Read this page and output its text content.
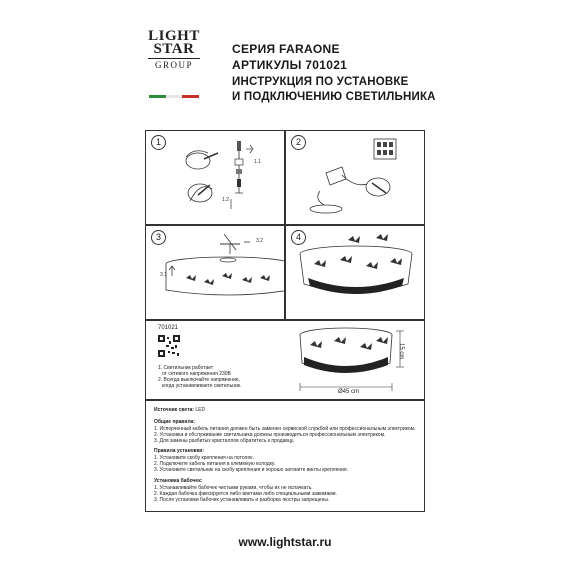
LIGHT
STAR
GROUP
СЕРИЯ FARAONE
АРТИКУЛЫ 701021
ИНСТРУКЦИЯ ПО УСТАНОВКЕ
И ПОДКЛЮЧЕНИЮ СВЕТИЛЬНИКА
1
1.1
1.2
2
3	3.2
3.1
4
701021
1. Светильник работает
от сетевого напряжения 230В
2. Всегда выключайте напряжение,
когда устанавливаете светильник.
15 cm
Ø45 cm
Источник света: LED
Общие правила:
1. Испорченный кабель питания должен быть заменен сервисной службой или профессиональным электриком.
2. Установка и обслуживание светильника должны производиться профессиональным электриком.
3. Для замены разбитых кристаллов обратитесь к продавцу.
Правила установки:
1. Установите скобу крепления на потолок.
2. Подключите кабель питания в клеммную колодку.
3. Установите светильник на скобу крепления и хорошо затяните винты крепления.
Установка бабочек:
1. Устанавливайте бабочек чистыми руками, чтобы их не испачкать.
2. Каждая бабочка фиксируется либо винтами либо специальными зажимами.
3. После установки бабочек устанавливать и разборка люстры запрещены.
www.lightstar.ru
